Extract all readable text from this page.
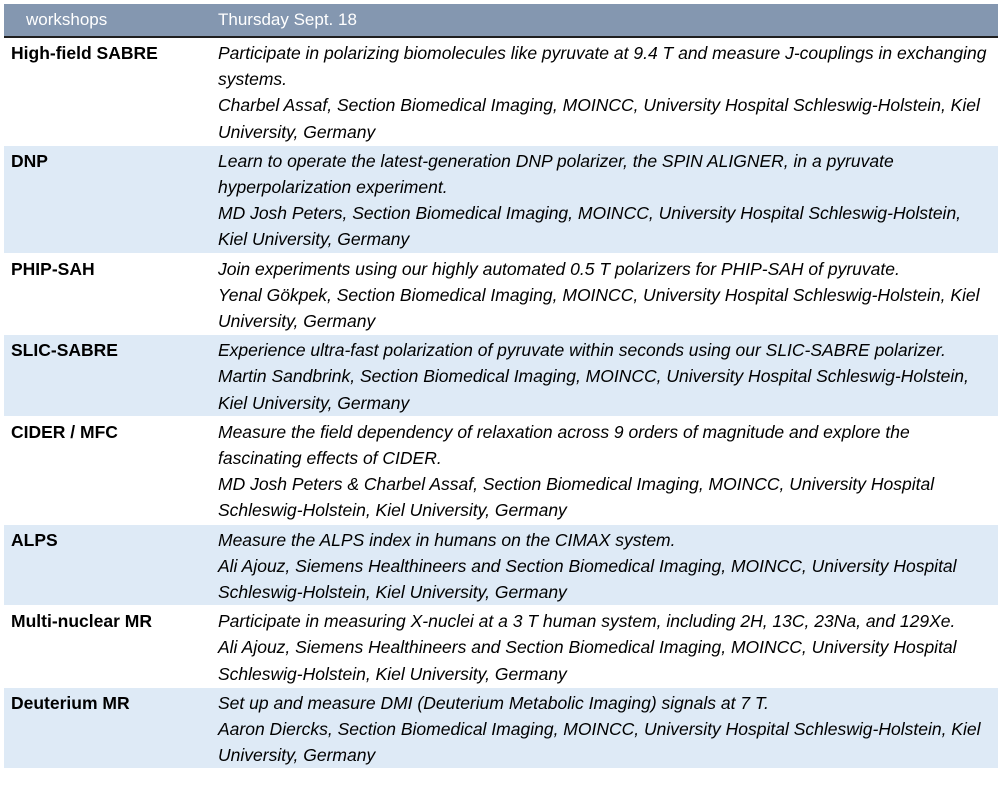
workshops	Thursday Sept. 18
High-field SABRE	Participate in polarizing biomolecules like pyruvate at 9.4 T and measure J-couplings in exchanging systems.

Charbel Assaf, Section Biomedical Imaging, MOINCC, University Hospital Schleswig-Holstein, Kiel University, Germany

DNP	Learn to operate the latest-generation DNP polarizer, the SPIN ALIGNER, in a pyruvate hyperpolarization experiment.

MD Josh Peters, Section Biomedical Imaging, MOINCC, University Hospital Schleswig-Holstein, Kiel University, Germany

PHIP-SAH	Join experiments using our highly automated 0.5 T polarizers for PHIP-SAH of pyruvate.

Yenal Gökpek, Section Biomedical Imaging, MOINCC, University Hospital Schleswig-Holstein, Kiel University, Germany

SLIC-SABRE	Experience ultra-fast polarization of pyruvate within seconds using our SLIC-SABRE polarizer.

Martin Sandbrink, Section Biomedical Imaging, MOINCC, University Hospital Schleswig-Holstein, Kiel University, Germany

CIDER / MFC	Measure the field dependency of relaxation across 9 orders of magnitude and explore the fascinating effects of CIDER.

MD Josh Peters & Charbel Assaf, Section Biomedical Imaging, MOINCC, University Hospital Schleswig-Holstein, Kiel University, Germany

ALPS	Measure the ALPS index in humans on the CIMAX system.

Ali Ajouz, Siemens Healthineers and Section Biomedical Imaging, MOINCC, University Hospital Schleswig-Holstein, Kiel University, Germany

Multi-nuclear MR	Participate in measuring X-nuclei at a 3 T human system, including 2H, 13C, 23Na, and 129Xe.

Ali Ajouz, Siemens Healthineers and Section Biomedical Imaging, MOINCC, University Hospital Schleswig-Holstein, Kiel University, Germany

Deuterium MR	Set up and measure DMI (Deuterium Metabolic Imaging) signals at 7 T.

Aaron Diercks, Section Biomedical Imaging, MOINCC, University Hospital Schleswig-Holstein, Kiel University, Germany
